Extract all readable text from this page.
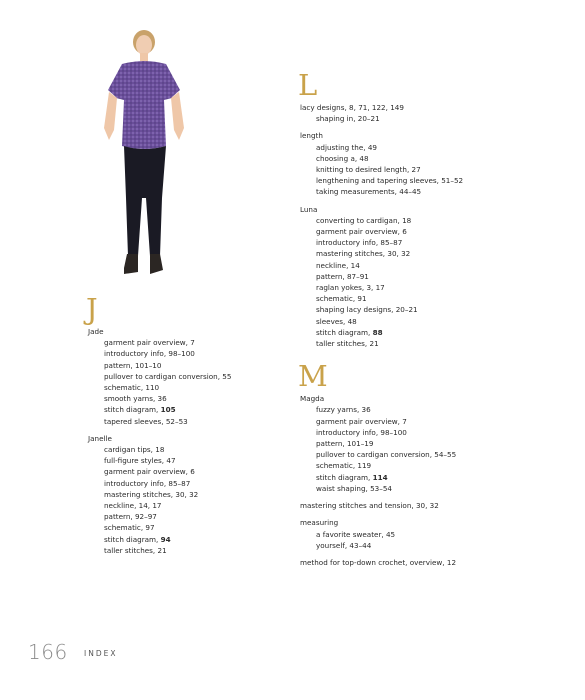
J
Jade
garment pair overview, 7
introductory info, 98–100
pattern, 101–10
pullover to cardigan conversion, 55
schematic, 110
smooth yarns, 36
stitch diagram, 105
tapered sleeves, 52–53
Janelle
cardigan tips, 18
full-figure styles, 47
garment pair overview, 6
introductory info, 85–87
mastering stitches, 30, 32
neckline, 14, 17
pattern, 92–97
schematic, 97
stitch diagram, 94
taller stitches, 21
L
lacy designs, 8, 71, 122, 149
shaping in, 20–21
length
adjusting the, 49
choosing a, 48
knitting to desired length, 27
lengthening and tapering sleeves, 51–52
taking measurements, 44–45
Luna
converting to cardigan, 18
garment pair overview, 6
introductory info, 85–87
mastering stitches, 30, 32
neckline, 14
pattern, 87–91
raglan yokes, 3, 17
schematic, 91
shaping lacy designs, 20–21
sleeves, 48
stitch diagram, 88
taller stitches, 21
M
Magda
fuzzy yarns, 36
garment pair overview, 7
introductory info, 98–100
pattern, 101–19
pullover to cardigan conversion, 54–55
schematic, 119
stitch diagram, 114
waist shaping, 53–54
mastering stitches and tension, 30, 32
measuring
a favorite sweater, 45
yourself, 43–44
method for top-down crochet, overview, 12
166 INDEX
